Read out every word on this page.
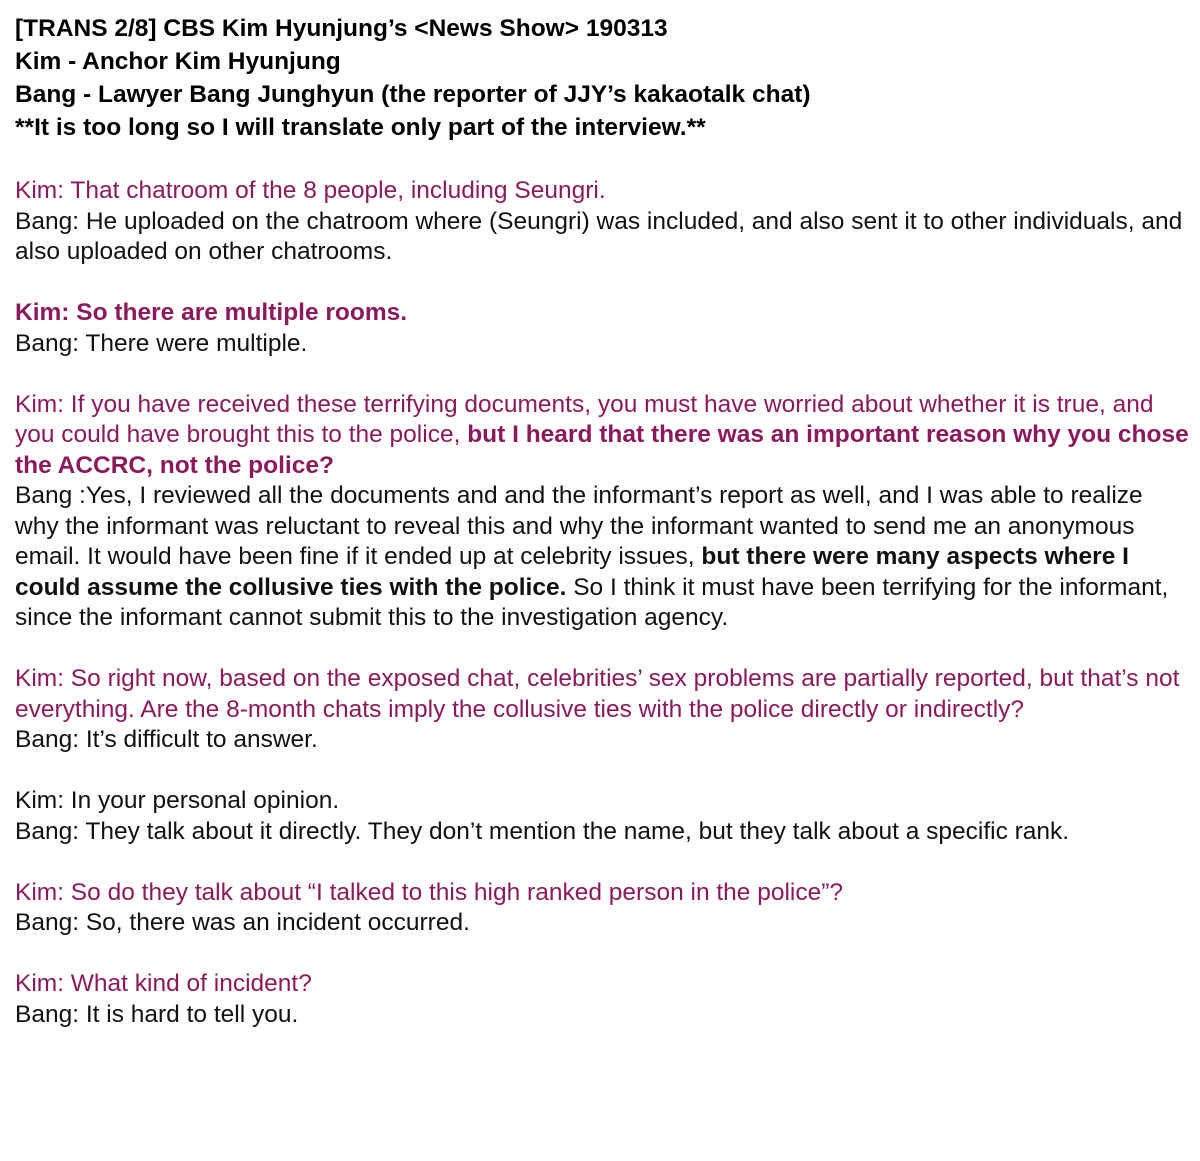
[TRANS 2/8] CBS Kim Hyunjung’s <News Show> 190313
Kim - Anchor Kim Hyunjung
Bang - Lawyer Bang Junghyun (the reporter of JJY’s kakaotalk chat)
**It is too long so I will translate only part of the interview.**

Kim: That chatroom of the 8 people, including Seungri.

Bang: He uploaded on the chatroom where (Seungri) was included, and also sent it to other individuals, and also uploaded on other chatrooms.

Kim: So there are multiple rooms.

Bang: There were multiple.

Kim: If you have received these terrifying documents, you must have worried about whether it is true, and you could have brought this to the police, but I heard that there was an important reason why you chose the ACCRC, not the police?

Bang :Yes, I reviewed all the documents and and the informant’s report as well, and I was able to realize why the informant was reluctant to reveal this and why the informant wanted to send me an anonymous email. It would have been fine if it ended up at celebrity issues, but there were many aspects where I could assume the collusive ties with the police. So I think it must have been terrifying for the informant, since the informant cannot submit this to the investigation agency.

Kim: So right now, based on the exposed chat, celebrities’ sex problems are partially reported, but that’s not everything. Are the 8-month chats imply the collusive ties with the police directly or indirectly?

Bang: It’s difficult to answer.

Kim: In your personal opinion.

Bang: They talk about it directly. They don’t mention the name, but they talk about a specific rank.

Kim: So do they talk about “I talked to this high ranked person in the police”?

Bang: So, there was an incident occurred.

Kim: What kind of incident?

Bang: It is hard to tell you.
